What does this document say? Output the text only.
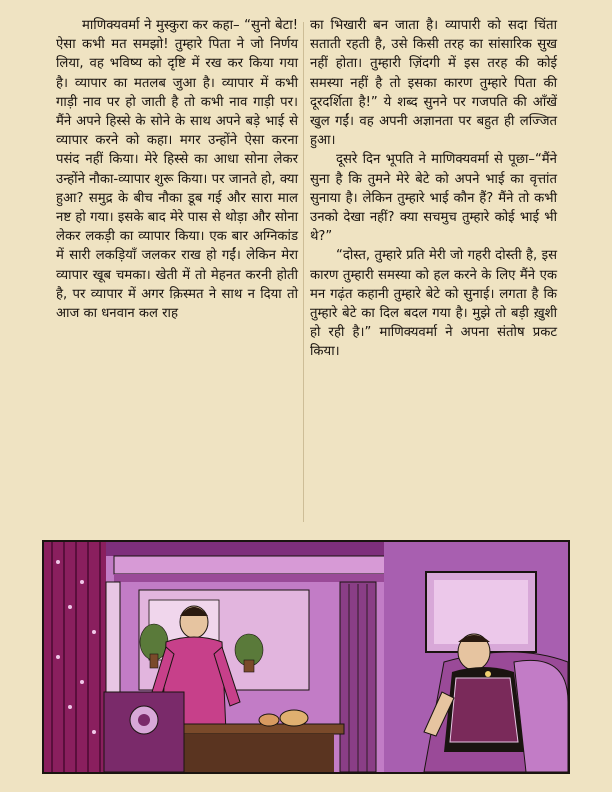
माणिक्यवर्मा ने मुस्कुरा कर कहा– “सुनो बेटा! ऐसा कभी मत समझो! तुम्हारे पिता ने जो निर्णय लिया, वह भविष्य को दृष्टि में रख कर किया गया है। व्यापार का मतलब जुआ है। व्यापार में कभी गाड़ी नाव पर हो जाती है तो कभी नाव गाड़ी पर। मैंने अपने हिस्से के सोने के साथ अपने बड़े भाई से व्यापार करने को कहा। मगर उन्होंने ऐसा करना पसंद नहीं किया। मेरे हिस्से का आधा सोना लेकर उन्होंने नौका-व्यापार शुरू किया। पर जानते हो, क्या हुआ? समुद्र के बीच नौका डूब गई और सारा माल नष्ट हो गया। इसके बाद मेरे पास से थोड़ा और सोना लेकर लकड़ी का व्यापार किया। एक बार अग्निकांड में सारी लकड़ियाँ जलकर राख हो गईं। लेकिन मेरा व्यापार खूब चमका। खेती में तो मेहनत करनी होती है, पर व्यापार में अगर क़िस्मत ने साथ न दिया तो आज का धनवान कल राह

का भिखारी बन जाता है। व्यापारी को सदा चिंता सताती रहती है, उसे किसी तरह का सांसारिक सुख नहीं होता। तुम्हारी ज़िंदगी में इस तरह की कोई समस्या नहीं है तो इसका कारण तुम्हारे पिता की दूरदर्शिता है!” ये शब्द सुनने पर गजपति की आँखें खुल गईं। वह अपनी अज्ञानता पर बहुत ही लज्जित हुआ।

दूसरे दिन भूपति ने माणिक्यवर्मा से पूछा–“मैंने सुना है कि तुमने मेरे बेटे को अपने भाई का वृत्तांत सुनाया है। लेकिन तुम्हारे भाई कौन हैं? मैंने तो कभी उनको देखा नहीं? क्या सचमुच तुम्हारे कोई भाई भी थे?”

“दोस्त, तुम्हारे प्रति मेरी जो गहरी दोस्ती है, इस कारण तुम्हारी समस्या को हल करने के लिए मैंने एक मन गढ़ंत कहानी तुम्हारे बेटे को सुनाई। लगता है कि तुम्हारे बेटे का दिल बदल गया है। मुझे तो बड़ी ख़ुशी हो रही है।” माणिक्यवर्मा ने अपना संतोष प्रकट किया।
